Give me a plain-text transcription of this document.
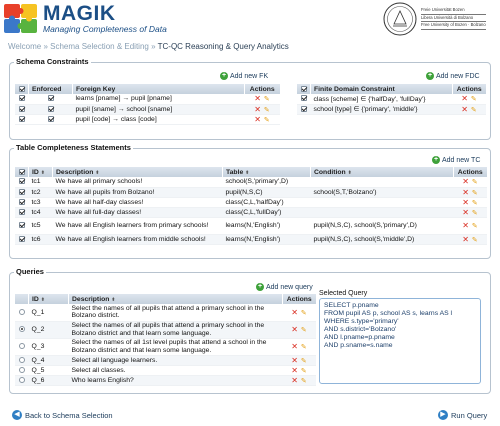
MAGIK
Managing Completeness of Data
Freie Universität Bozen
Libera Università di Bolzano
Free University of Bozen · Bolzano
Welcome » Schema Selection & Editing » TC-QC Reasoning & Query Analytics
Schema Constraints
+ Add new FK	+ Add new FDC
	Enforced	Foreign Key	Actions
		learns [pname] → pupil [pname]	✕ ✎
		pupil [sname] → school [sname]	✕ ✎
		pupil [code] → class [code]	✕ ✎
	Finite Domain Constraint	Actions
	class [scheme] ∈ {'halfDay', 'fullDay'}	✕ ✎
	school [type] ∈ {'primary', 'middle'}	✕ ✎
Table Completeness Statements
+ Add new TC
	ID ⬍	Description ⬍	Table ⬍	Condition ⬍	Actions
	tc1	We have all primary schools!	school(S,'primary',D)		✕ ✎
	tc2	We have all pupils from Bolzano!	pupil(N,S,C)	school(S,T,'Bolzano')	✕ ✎
	tc3	We have all half-day classes!	class(C,L,'halfDay')		✕ ✎
	tc4	We have all full-day classes!	class(C,L,'fullDay')		✕ ✎
	tc5	We have all English learners from primary schools!	learns(N,'English')	pupil(N,S,C), school(S,'primary',D)	✕ ✎
	tc6	We have all English learners from middle schools!	learns(N,'English')	pupil(N,S,C), school(S,'middle',D)	✕ ✎
Queries
+ Add new query
	ID ⬍	Description ⬍	Actions
	Q_1	Select the names of all pupils that attend a primary school in the Bolzano district.	✕ ✎
	Q_2	Select the names of all pupils that attend a primary school in the Bolzano district and that learn some language.	✕ ✎
	Q_3	Select the names of all 1st level pupils that attend a school in the Bolzano district and that learn some language.	✕ ✎
	Q_4	Select all language learners.	✕ ✎
	Q_5	Select all classes.	✕ ✎
	Q_6	Who learns English?	✕ ✎
Selected Query
SELECT p.pname
FROM pupil AS p, school AS s, learns AS l
WHERE s.type='primary'
AND s.district='Bolzano'
AND l.pname=p.pname
AND p.sname=s.name
◀ Back to Schema Selection	▶ Run Query
